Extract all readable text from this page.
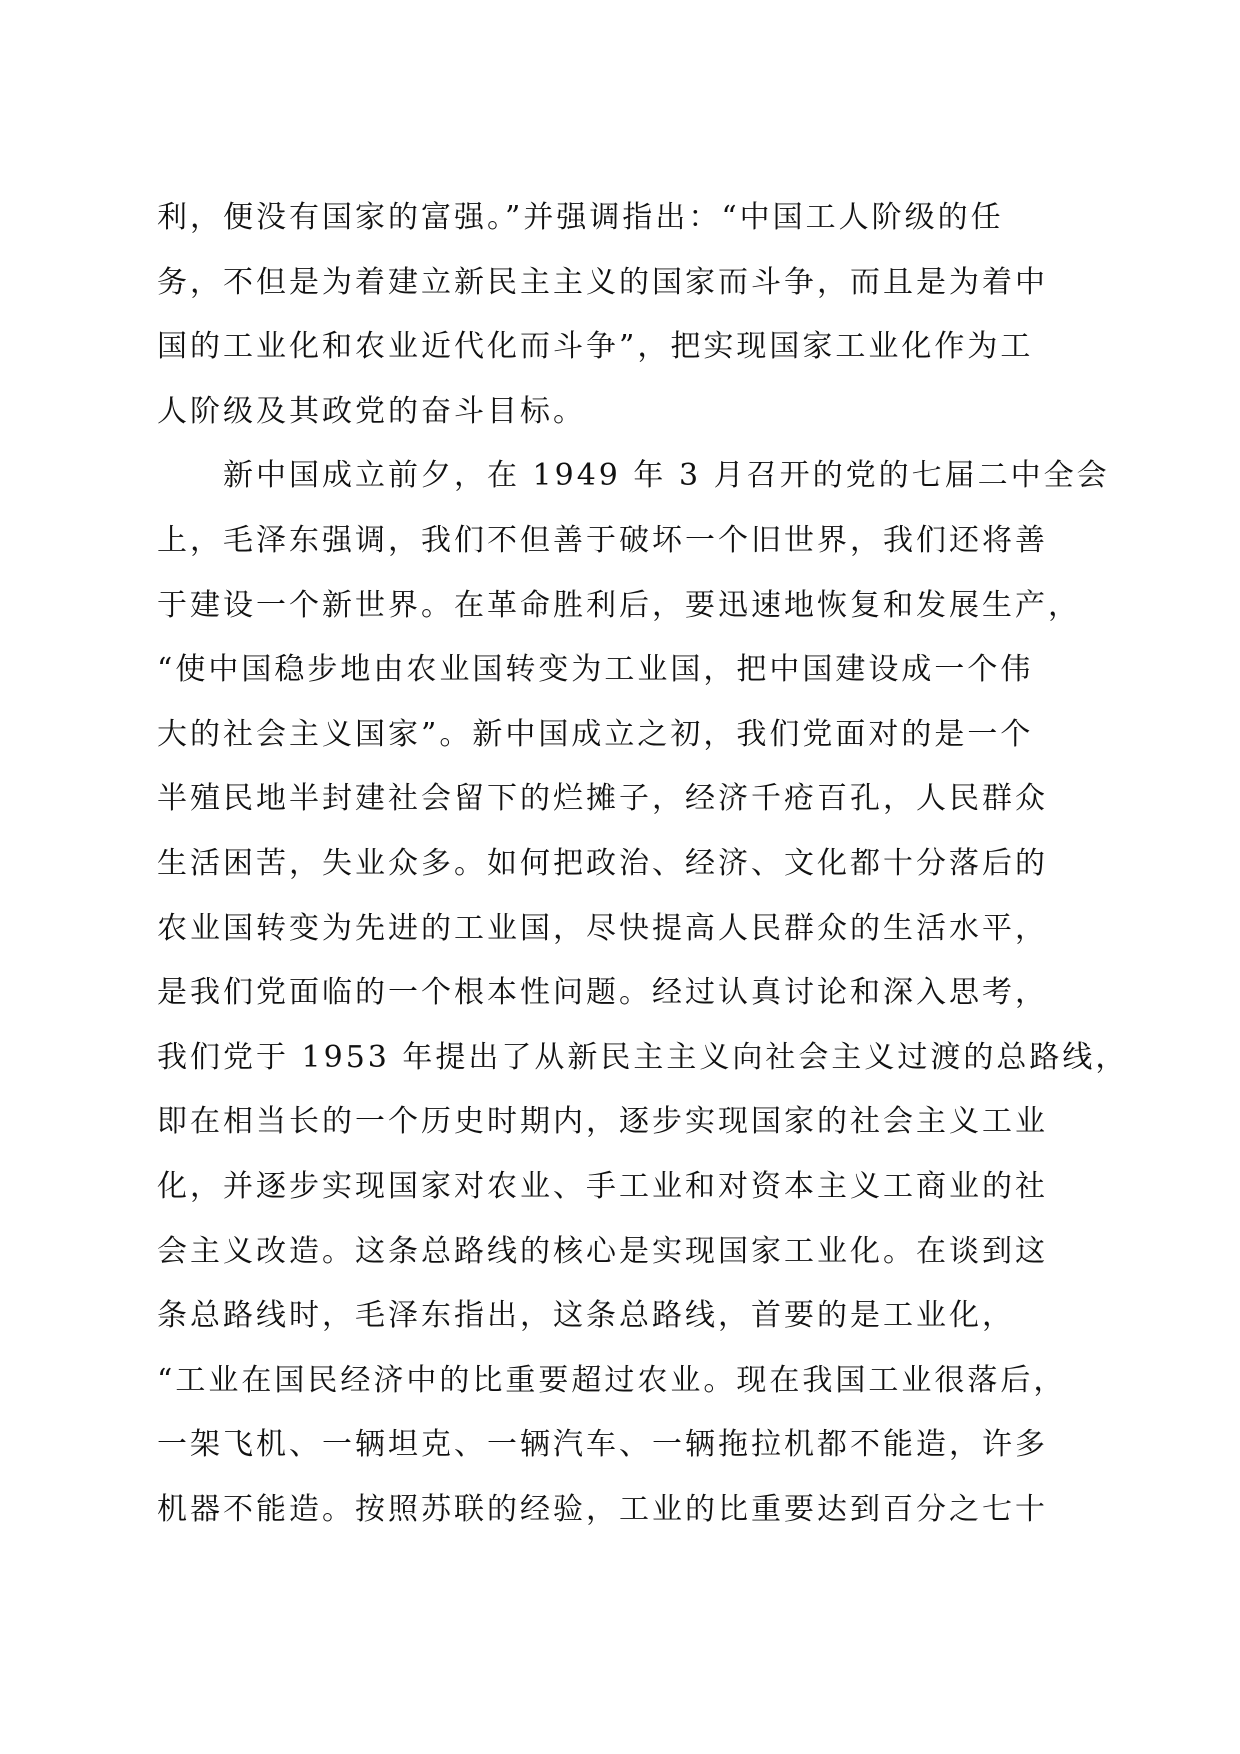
利，便没有国家的富强。”并强调指出：“中国工人阶级的任
务，不但是为着建立新民主主义的国家而斗争，而且是为着中
国的工业化和农业近代化而斗争”，把实现国家工业化作为工
人阶级及其政党的奋斗目标。
　　新中国成立前夕，在 1949 年 3 月召开的党的七届二中全会
上，毛泽东强调，我们不但善于破坏一个旧世界，我们还将善
于建设一个新世界。在革命胜利后，要迅速地恢复和发展生产，
“使中国稳步地由农业国转变为工业国，把中国建设成一个伟
大的社会主义国家”。新中国成立之初，我们党面对的是一个
半殖民地半封建社会留下的烂摊子，经济千疮百孔，人民群众
生活困苦，失业众多。如何把政治、经济、文化都十分落后的
农业国转变为先进的工业国，尽快提高人民群众的生活水平，
是我们党面临的一个根本性问题。经过认真讨论和深入思考，
我们党于 1953 年提出了从新民主主义向社会主义过渡的总路线，
即在相当长的一个历史时期内，逐步实现国家的社会主义工业
化，并逐步实现国家对农业、手工业和对资本主义工商业的社
会主义改造。这条总路线的核心是实现国家工业化。在谈到这
条总路线时，毛泽东指出，这条总路线，首要的是工业化，
“工业在国民经济中的比重要超过农业。现在我国工业很落后，
一架飞机、一辆坦克、一辆汽车、一辆拖拉机都不能造，许多
机器不能造。按照苏联的经验，工业的比重要达到百分之七十
